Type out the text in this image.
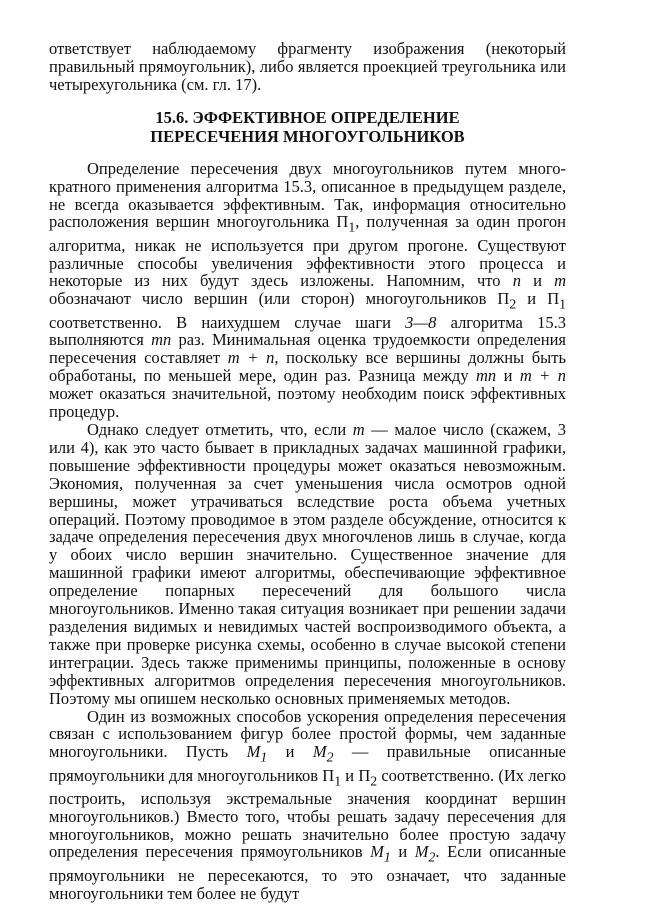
ответствует наблюдаемому фрагменту изображения (некоторый правильный прямоугольник), либо является проекцией треугольника или четырехугольника (см. гл. 17).

15.6. ЭФФЕКТИВНОЕ ОПРЕДЕЛЕНИЕ
ПЕРЕСЕЧЕНИЯ МНОГОУГОЛЬНИКОВ

Определение пересечения двух многоугольников путем многократного применения алгоритма 15.3, описанное в предыдущем разделе, не всегда оказывается эффективным. Так, информация относительно расположения вершин многоугольника $П_1$, полученная за один прогон алгоритма, никак не используется при другом прогоне. Существуют различные способы увеличения эффективности этого процесса и некоторые из них будут здесь изложены. Напомним, что n и m обозначают число вершин (или сторон) многоугольников $П_2$ и $П_1$ соответственно. В наихудшем случае шаги 3—8 алгоритма 15.3 выполняются mn раз. Минимальная оценка трудоемкости определения пересечения составляет m + n, поскольку все вершины должны быть обработаны, по меньшей мере, один раз. Разница между mn и m + n может оказаться значительной, поэтому необходим поиск эффективных процедур.

Однако следует отметить, что, если m — малое число (скажем, 3 или 4), как это часто бывает в прикладных задачах машинной графики, повышение эффективности процедуры может оказаться невозможным. Экономия, полученная за счет уменьшения числа осмотров одной вершины, может утрачиваться вследствие роста объема учетных операций. Поэтому проводимое в этом разделе обсуждение, относится к задаче определения пересечения двух многочленов лишь в случае, когда у обоих число вершин значительно. Существенное значение для машинной графики имеют алгоритмы, обеспечивающие эффективное определение попарных пересечений для большого числа многоугольников. Именно такая ситуация возникает при решении задачи разделения видимых и невидимых частей воспроизводимого объекта, а также при проверке рисунка схемы, особенно в случае высокой степени интеграции. Здесь также применимы принципы, положенные в основу эффективных алгоритмов определения пересечения многоугольников. Поэтому мы опишем несколько основных применяемых методов.

Один из возможных способов ускорения определения пересечения связан с использованием фигур более простой формы, чем заданные многоугольники. Пусть $M_1$ и $M_2$ — правильные описанные прямоугольники для многоугольников $П_1$ и $П_2$ соответственно. (Их легко построить, используя экстремальные значения координат вершин многоугольников.) Вместо того, чтобы решать задачу пересечения для многоугольников, можно решать значительно более простую задачу определения пересечения прямоугольников $M_1$ и $M_2$. Если описанные прямоугольники не пересекаются, то это означает, что заданные многоугольники тем более не будут
